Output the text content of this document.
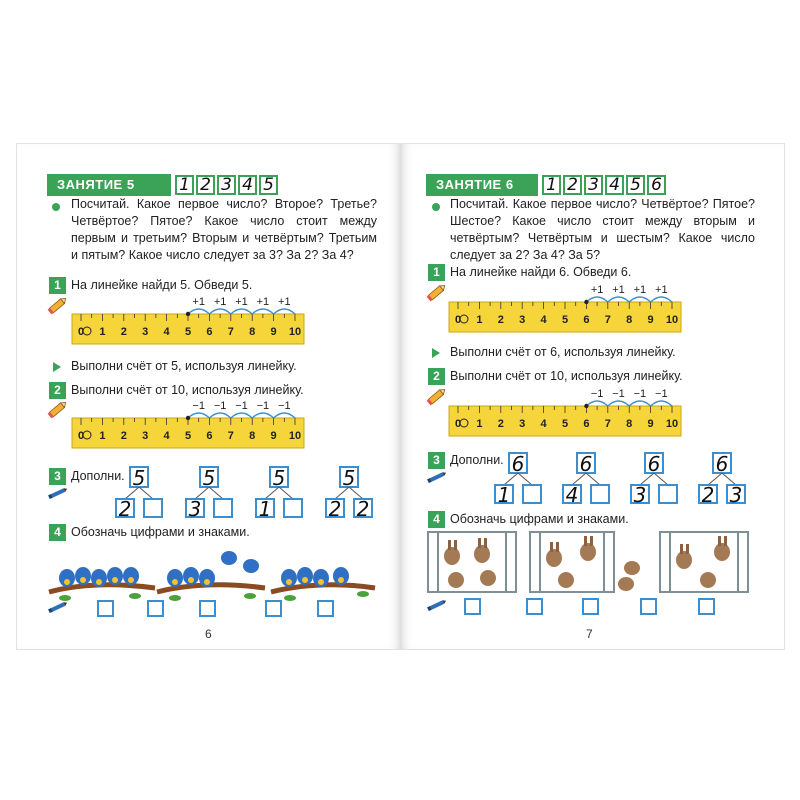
ЗАНЯТИЕ 5	1 2 3 4 5
Посчитай. Какое первое число? Второе? Третье? Четвёртое? Пятое? Какое число стоит между первым и третьим? Вторым и четвёртым? Третьим и пятым? Какое число следует за 3? За 2? За 4?
1 На линейке найди 5. Обведи 5.
0 1 2 3 4 5 6 7 8 9 10
+1 +1 +1 +1 +1
Выполни счёт от 5, используя линейку.
2 Выполни счёт от 10, используя линейку.
0 1 2 3 4 5 6 7 8 9 10
−1 −1 −1 −1 −1
3 Дополни. 5
2
5
3
5
1
5
2 2
4 Обозначь цифрами и знаками.
6
ЗАНЯТИЕ 6	1 2 3 4 5 6
Посчитай. Какое первое число? Четвёртое? Пятое? Шестое? Какое число стоит между вторым и четвёртым? Четвёртым и шестым? Какое число следует за 2? За 4? За 5?
1 На линейке найди 6. Обведи 6.
0 1 2 3 4 5 6 7 8 9 10
+1 +1 +1 +1
Выполни счёт от 6, используя линейку.
2 Выполни счёт от 10, используя линейку.
0 1 2 3 4 5 6 7 8 9 10
−1 −1 −1 −1
3 Дополни. 6
1
6
4
6
3
6
2 3
4 Обозначь цифрами и знаками.
7
